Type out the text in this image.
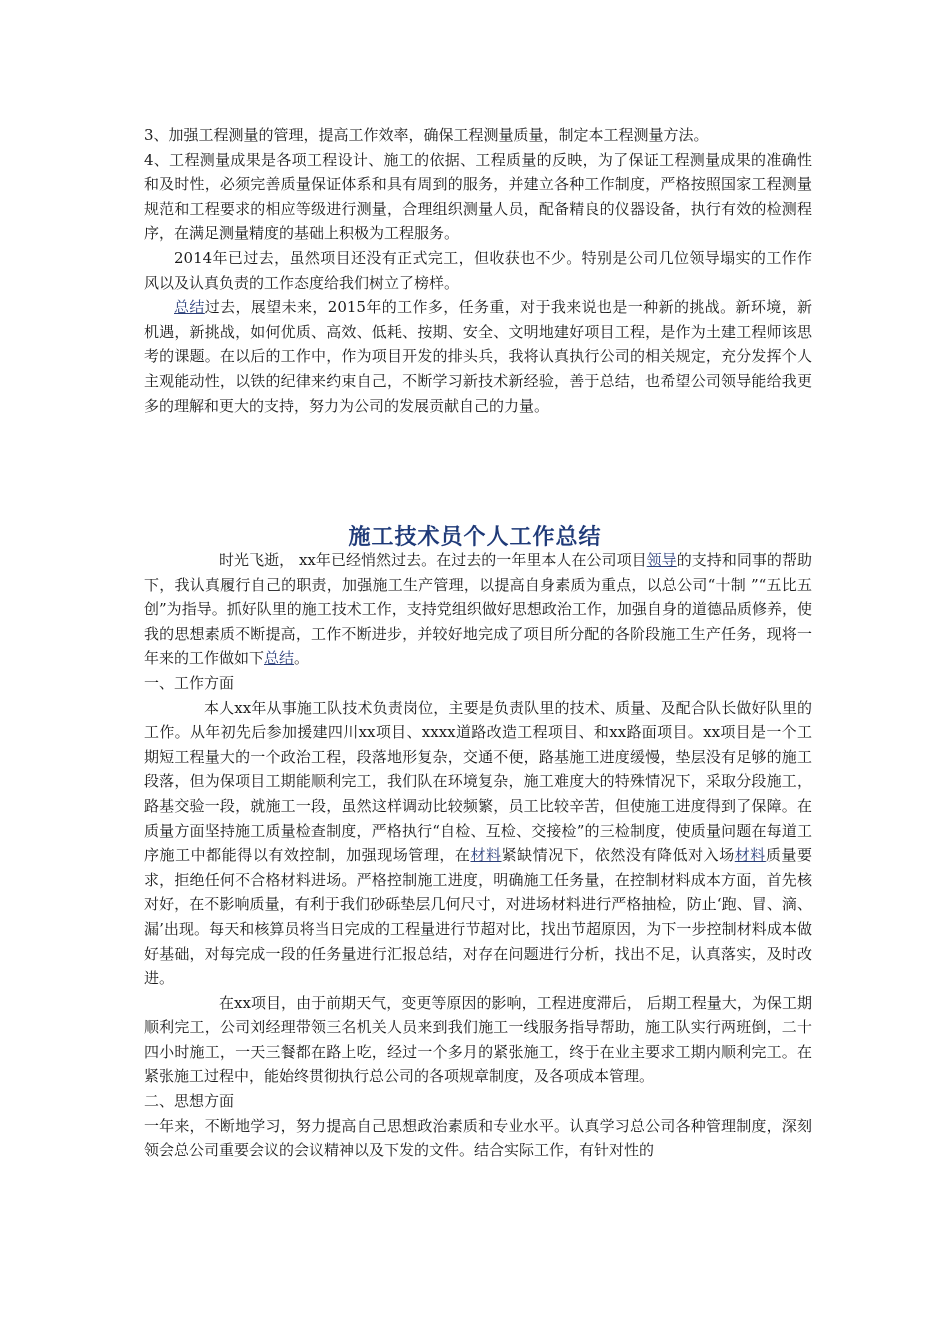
3、加强工程测量的管理，提高工作效率，确保工程测量质量，制定本工程测量方法。

4、工程测量成果是各项工程设计、施工的依据、工程质量的反映，为了保证工程测量成果的准确性和及时性，必须完善质量保证体系和具有周到的服务，并建立各种工作制度，严格按照国家工程测量规范和工程要求的相应等级进行测量，合理组织测量人员，配备精良的仪器设备，执行有效的检测程序，在满足测量精度的基础上积极为工程服务。

2014年已过去，虽然项目还没有正式完工，但收获也不少。特别是公司几位领导塌实的工作作风以及认真负责的工作态度给我们树立了榜样。

总结过去，展望未来，2015年的工作多，任务重，对于我来说也是一种新的挑战。新环境，新机遇，新挑战，如何优质、高效、低耗、按期、安全、文明地建好项目工程，是作为土建工程师该思考的课题。在以后的工作中，作为项目开发的排头兵，我将认真执行公司的相关规定，充分发挥个人主观能动性，以铁的纪律来约束自己，不断学习新技术新经验，善于总结，也希望公司领导能给我更多的理解和更大的支持，努力为公司的发展贡献自己的力量。

施工技术员个人工作总结

时光飞逝， xx年已经悄然过去。在过去的一年里本人在公司项目领导的支持和同事的帮助下，我认真履行自己的职责，加强施工生产管理，以提高自身素质为重点，以总公司“十制 ”“五比五创”为指导。抓好队里的施工技术工作，支持党组织做好思想政治工作，加强自身的道德品质修养，使我的思想素质不断提高，工作不断进步，并较好地完成了项目所分配的各阶段施工生产任务，现将一年来的工作做如下总结。

一、工作方面

本人xx年从事施工队技术负责岗位，主要是负责队里的技术、质量、及配合队长做好队里的工作。从年初先后参加援建四川xx项目、xxxx道路改造工程项目、和xx路面项目。xx项目是一个工期短工程量大的一个政治工程，段落地形复杂，交通不便，路基施工进度缓慢，垫层没有足够的施工段落，但为保项目工期能顺利完工，我们队在环境复杂，施工难度大的特殊情况下，采取分段施工，路基交验一段，就施工一段，虽然这样调动比较频繁，员工比较辛苦，但使施工进度得到了保障。在质量方面坚持施工质量检查制度，严格执行“自检、互检、交接检”的三检制度，使质量问题在每道工序施工中都能得以有效控制，加强现场管理，在材料紧缺情况下，依然没有降低对入场材料质量要求，拒绝任何不合格材料进场。严格控制施工进度，明确施工任务量，在控制材料成本方面，首先核对好，在不影响质量，有利于我们砂砾垫层几何尺寸，对进场材料进行严格抽检，防止‘跑、冒、滴、漏’出现。每天和核算员将当日完成的工程量进行节超对比，找出节超原因，为下一步控制材料成本做好基础，对每完成一段的任务量进行汇报总结，对存在问题进行分析，找出不足，认真落实，及时改进。

在xx项目，由于前期天气，变更等原因的影响，工程进度滞后， 后期工程量大，为保工期顺利完工，公司刘经理带领三名机关人员来到我们施工一线服务指导帮助，施工队实行两班倒，二十四小时施工，一天三餐都在路上吃，经过一个多月的紧张施工，终于在业主要求工期内顺利完工。在紧张施工过程中，能始终贯彻执行总公司的各项规章制度，及各项成本管理。

二、思想方面

一年来，不断地学习，努力提高自己思想政治素质和专业水平。认真学习总公司各种管理制度，深刻领会总公司重要会议的会议精神以及下发的文件。结合实际工作，有针对性的
